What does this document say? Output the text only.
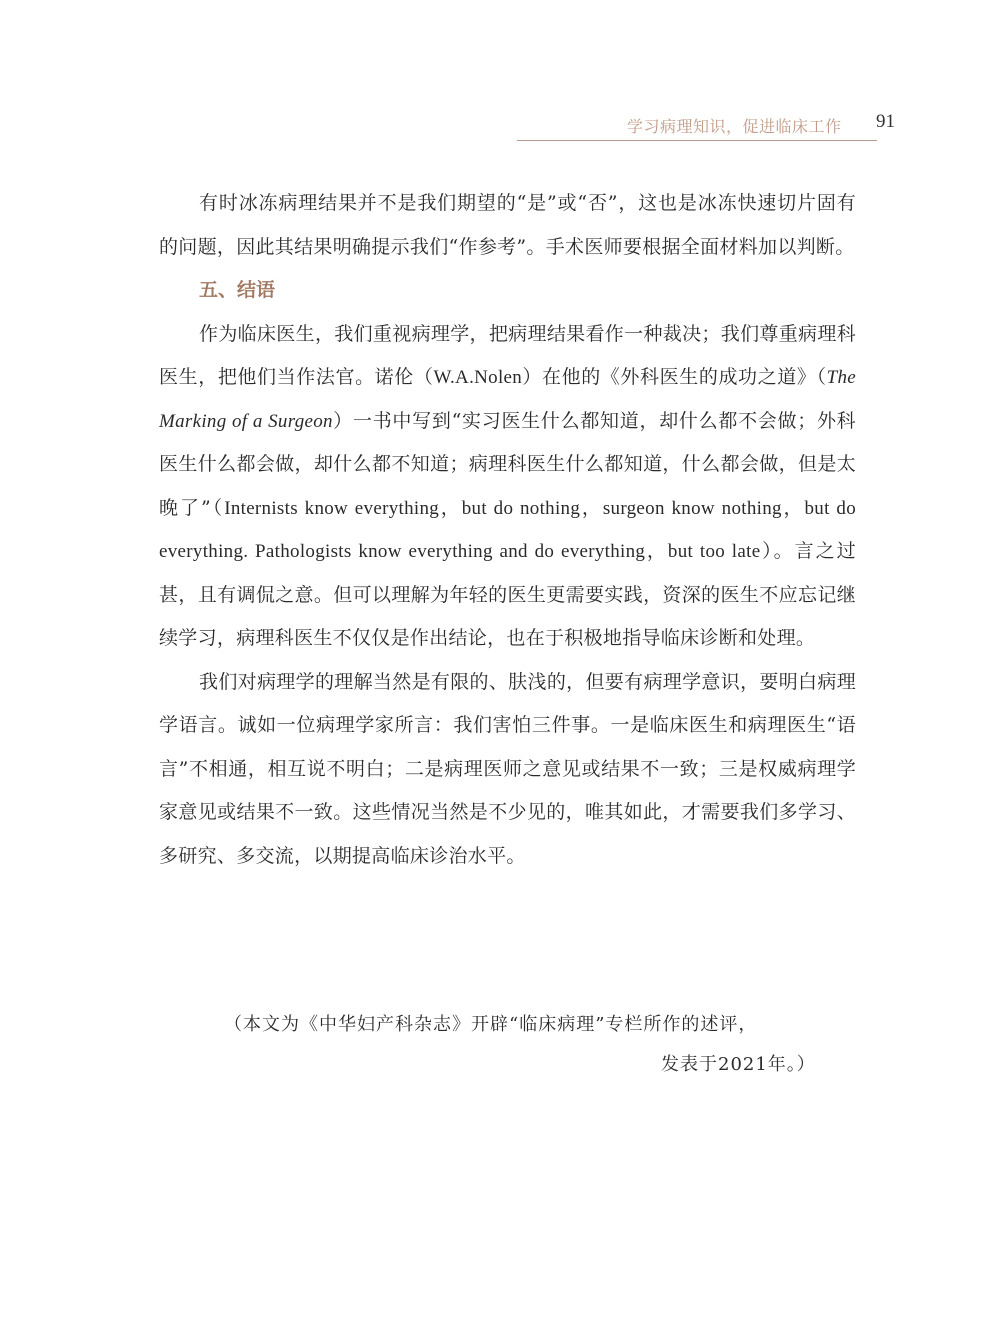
学习病理知识，促进临床工作 91

有时冰冻病理结果并不是我们期望的“是”或“否”，这也是冰冻快速切片固有的问题，因此其结果明确提示我们“作参考”。手术医师要根据全面材料加以判断。

五、结语

作为临床医生，我们重视病理学，把病理结果看作一种裁决；我们尊重病理科医生，把他们当作法官。诺伦（W.A.Nolen）在他的《外科医生的成功之道》（The Marking of a Surgeon）一书中写到“实习医生什么都知道，却什么都不会做；外科医生什么都会做，却什么都不知道；病理科医生什么都知道，什么都会做，但是太晚了”（Internists know everything，but do nothing，surgeon know nothing，but do everything. Pathologists know everything and do everything，but too late）。言之过甚，且有调侃之意。但可以理解为年轻的医生更需要实践，资深的医生不应忘记继续学习，病理科医生不仅仅是作出结论，也在于积极地指导临床诊断和处理。

我们对病理学的理解当然是有限的、肤浅的，但要有病理学意识，要明白病理学语言。诚如一位病理学家所言：我们害怕三件事。一是临床医生和病理医生“语言”不相通，相互说不明白；二是病理医师之意见或结果不一致；三是权威病理学家意见或结果不一致。这些情况当然是不少见的，唯其如此，才需要我们多学习、多研究、多交流，以期提高临床诊治水平。

（本文为《中华妇产科杂志》开辟“临床病理”专栏所作的述评，
发表于2021年。）
